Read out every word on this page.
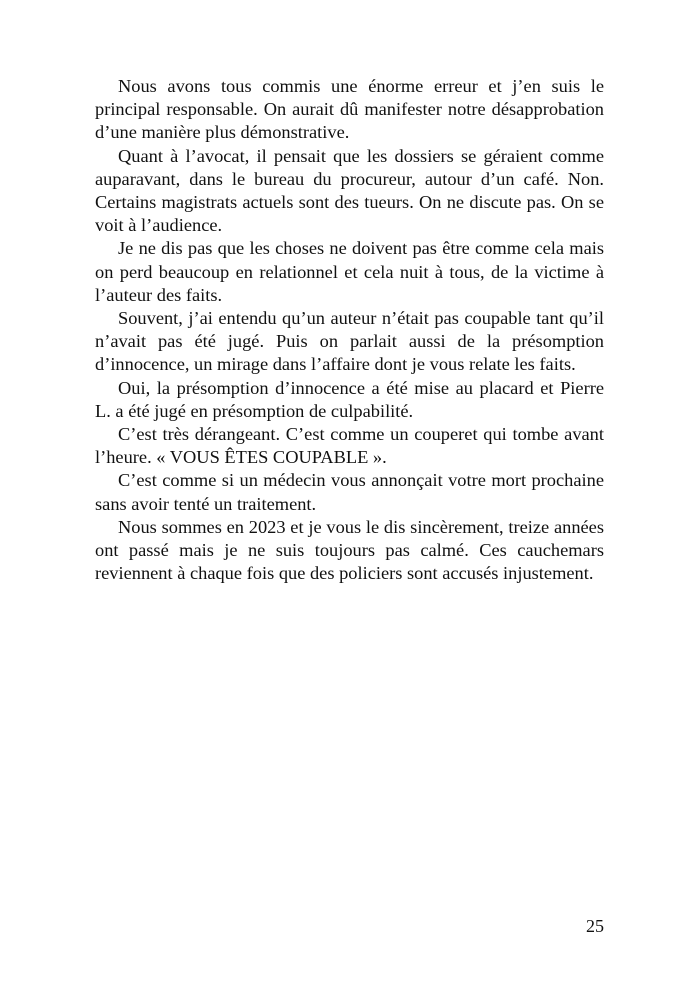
Nous avons tous commis une énorme erreur et j’en suis le principal responsable. On aurait dû manifester notre désapprobation d’une manière plus démonstrative.

Quant à l’avocat, il pensait que les dossiers se géraient comme auparavant, dans le bureau du procureur, autour d’un café. Non. Certains magistrats actuels sont des tueurs. On ne discute pas. On se voit à l’audience.

Je ne dis pas que les choses ne doivent pas être comme cela mais on perd beaucoup en relationnel et cela nuit à tous, de la victime à l’auteur des faits.

Souvent, j’ai entendu qu’un auteur n’était pas coupable tant qu’il n’avait pas été jugé. Puis on parlait aussi de la présomption d’innocence, un mirage dans l’affaire dont je vous relate les faits.

Oui, la présomption d’innocence a été mise au placard et Pierre L. a été jugé en présomption de culpabilité.

C’est très dérangeant. C’est comme un couperet qui tombe avant l’heure. « VOUS ÊTES COUPABLE ».

C’est comme si un médecin vous annonçait votre mort prochaine sans avoir tenté un traitement.

Nous sommes en 2023 et je vous le dis sincèrement, treize années ont passé mais je ne suis toujours pas calmé. Ces cauchemars reviennent à chaque fois que des policiers sont accusés injustement.

25
